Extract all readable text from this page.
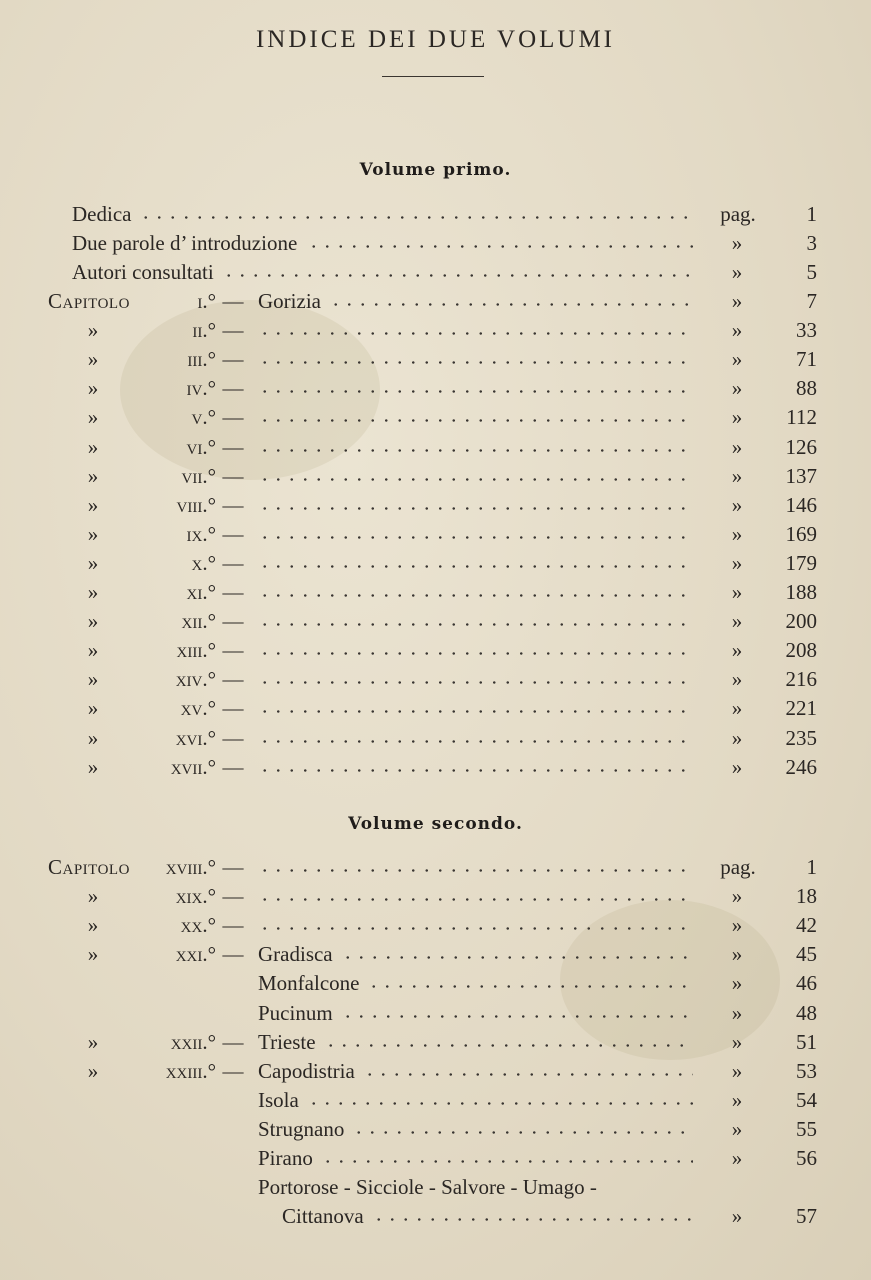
INDICE DEI DUE VOLUMI
Volume primo.
Dedica	pag.	1
Due parole d’ introduzione	»	3
Autori consultati	»	5
Capitolo	i.° — Gorizia	»	7
»	ii.° —	»	33
»	iii.° —	»	71
»	iv.° —	»	88
»	v.° —	»	112
»	vi.° —	»	126
»	vii.° —	»	137
»	viii.° —	»	146
»	ix.° —	»	169
»	x.° —	»	179
»	xi.° —	»	188
»	xii.° —	»	200
»	xiii.° —	»	208
»	xiv.° —	»	216
»	xv.° —	»	221
»	xvi.° —	»	235
»	xvii.° —	»	246
Volume secondo.
Capitolo xviii.° —	pag.	1
»	xix.° —	»	18
»	xx.° —	»	42
»	xxi.° — Gradisca	»	45
Monfalcone	»	46
Pucinum	»	48
»	xxii.° — Trieste	»	51
»	xxiii.° — Capodistria	»	53
Isola	»	54
Strugnano	»	55
Pirano	»	56
Portorose - Sicciole - Salvore - Umago -
Cittanova	»	57
